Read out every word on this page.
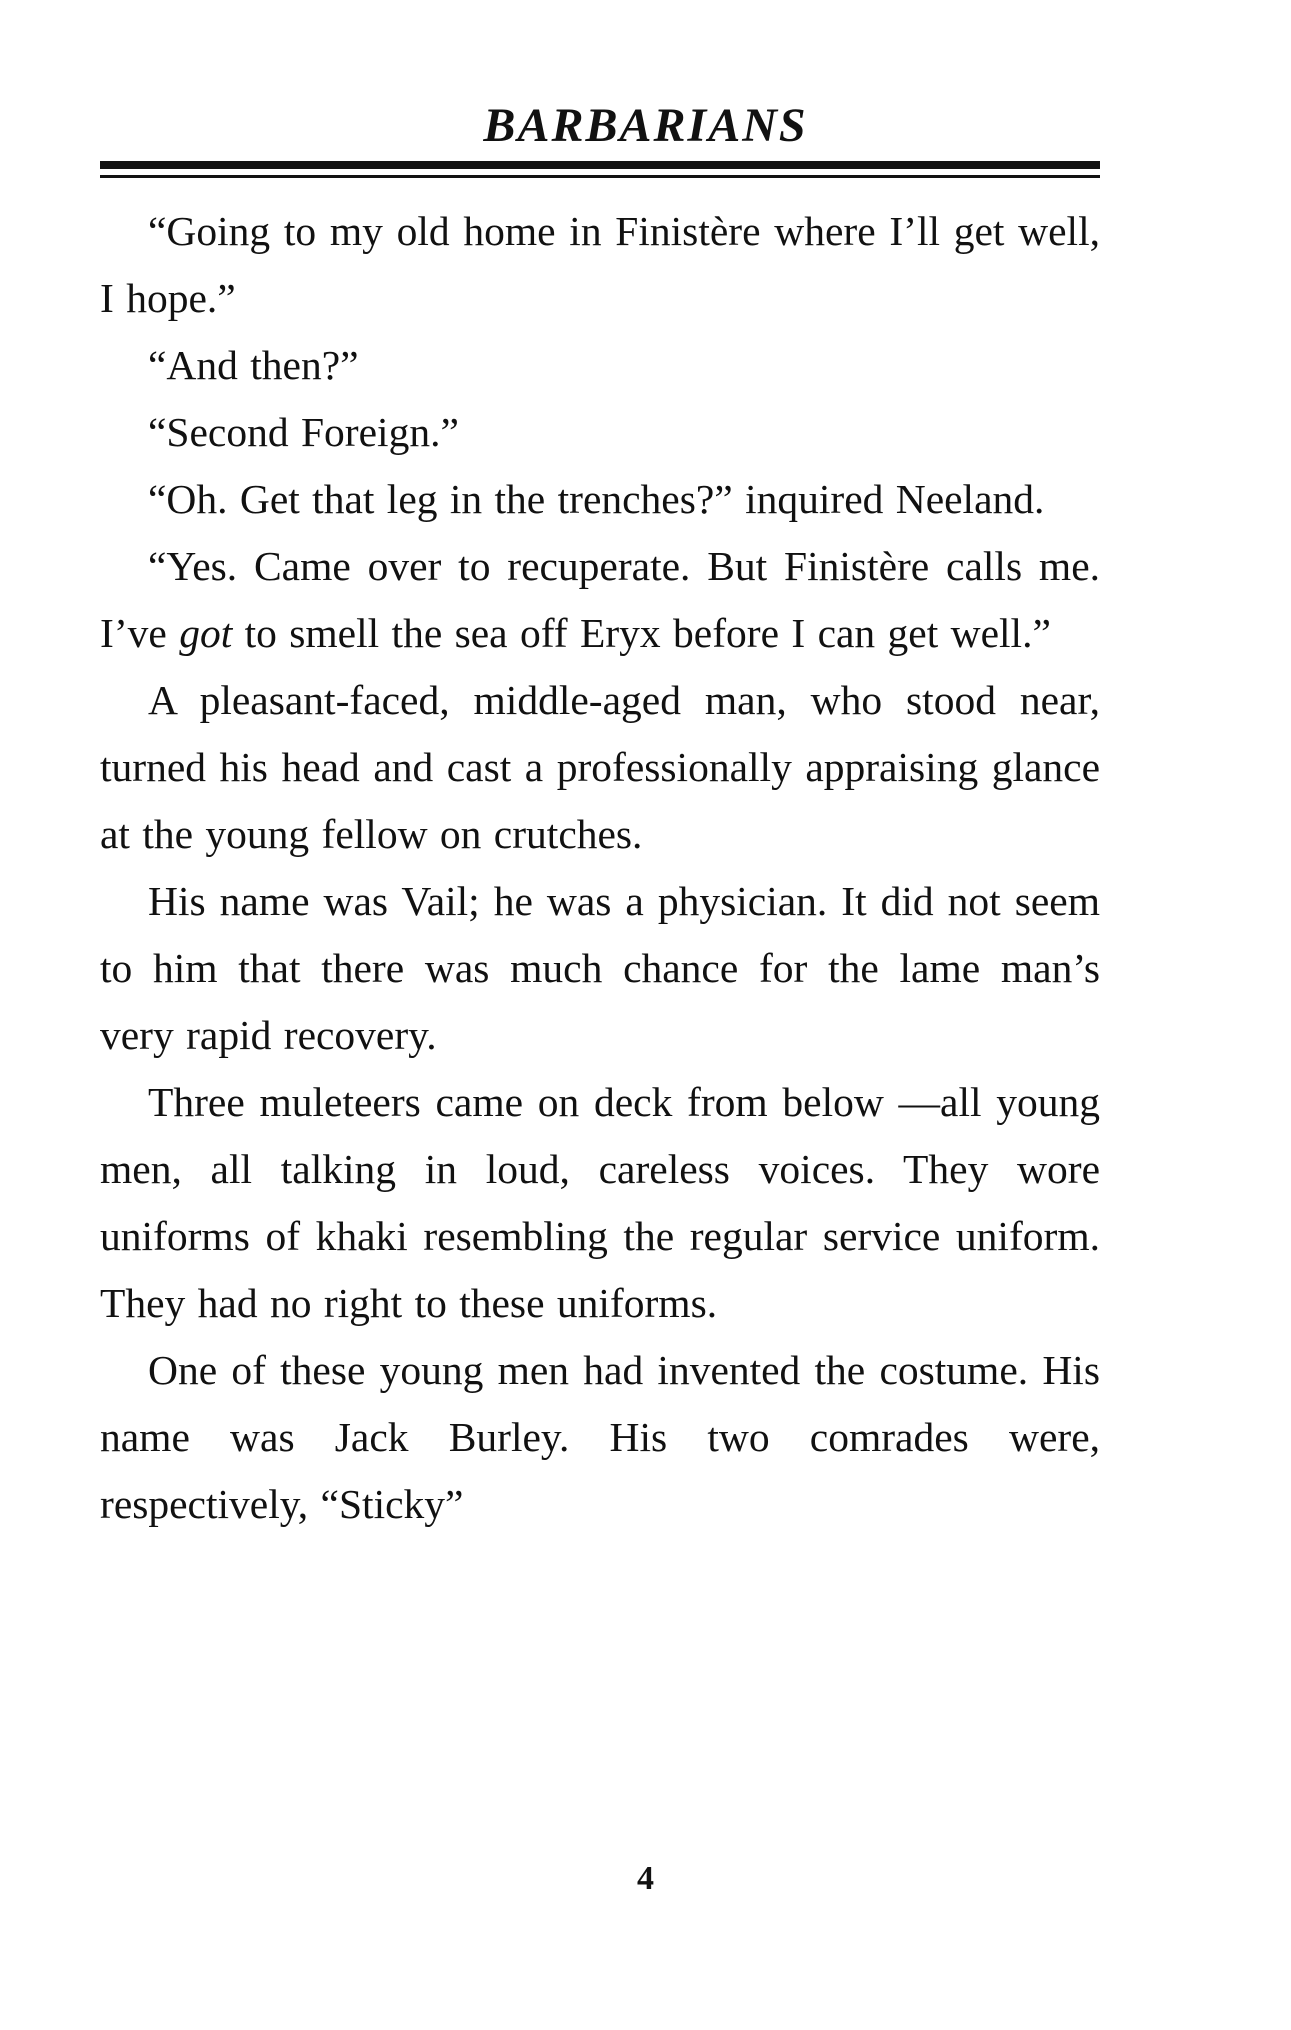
BARBARIANS

“Going to my old home in Finistère where I’ll get well, I hope.”

“And then?”

“Second Foreign.”

“Oh. Get that leg in the trenches?” inquired Neeland.

“Yes. Came over to recuperate. But Finistère calls me. I’ve got to smell the sea off Eryx before I can get well.”

A pleasant-faced, middle-aged man, who stood near, turned his head and cast a professionally appraising glance at the young fellow on crutches.

His name was Vail; he was a physician. It did not seem to him that there was much chance for the lame man’s very rapid recovery.

Three muleteers came on deck from below —all young men, all talking in loud, careless voices. They wore uniforms of khaki resembling the regular service uniform. They had no right to these uniforms.

One of these young men had invented the costume. His name was Jack Burley. His two comrades were, respectively, “Sticky”

4
